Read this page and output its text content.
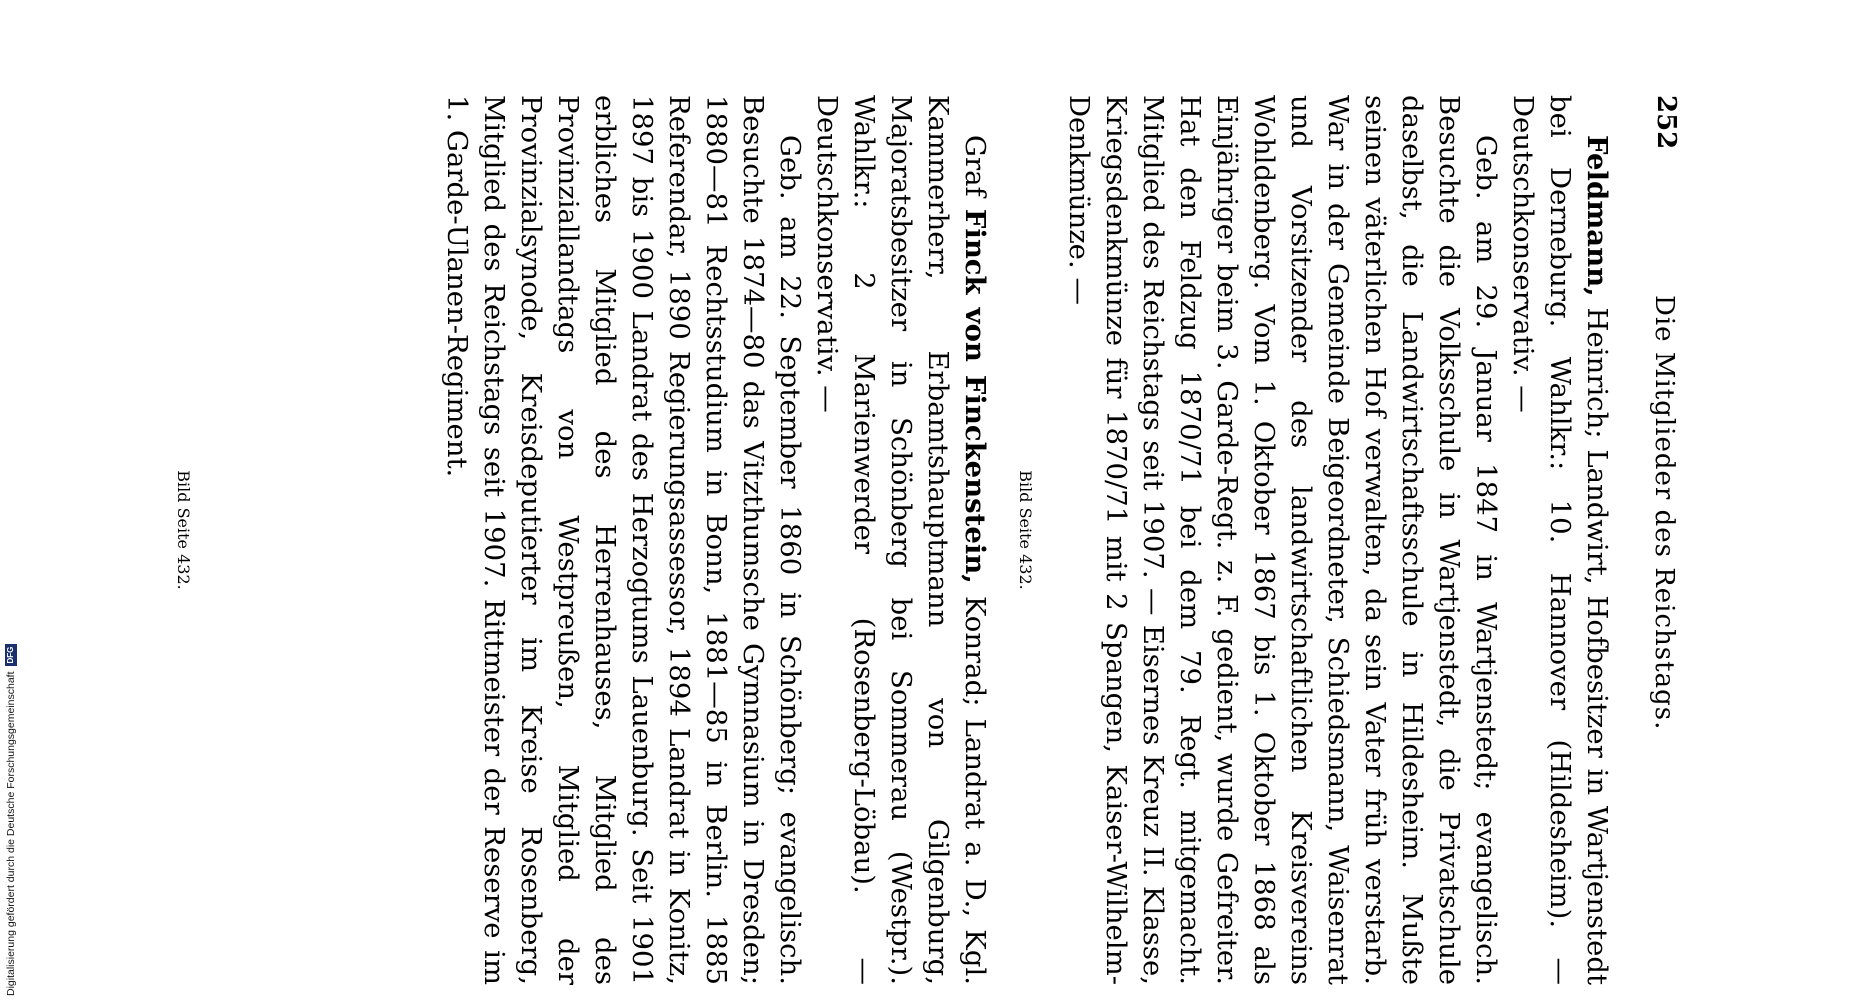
Digitalisierung gefördert durch die Deutsche Forschungsgemeinschaft
DFG
252
Die Mitglieder des Reichstags.

Feldmann, Heinrich; Landwirt, Hofbesitzer in Wartjenstedt bei Derneburg. Wahlkr.: 10. Hannover (Hildesheim). — Deutschkonservativ. —

Geb. am 29. Januar 1847 in Wartjenstedt; evangelisch. Besuchte die Volksschule in Wartjenstedt, die Privatschule daselbst, die Landwirtschaftsschule in Hildesheim. Mußte seinen väterlichen Hof verwalten, da sein Vater früh verstarb. War in der Gemeinde Beigeordneter, Schiedsmann, Waisenrat und Vorsitzender des landwirtschaftlichen Kreisvereins Wohldenberg. Vom 1. Oktober 1867 bis 1. Oktober 1868 als Einjähriger beim 3. Garde-Regt. z. F. gedient, wurde Gefreiter. Hat den Feldzug 1870/71 bei dem 79. Regt. mitgemacht. Mitglied des Reichstags seit 1907. — Eisernes Kreuz II. Klasse, Kriegsdenkmünze für 1870/71 mit 2 Spangen, Kaiser-Wilhelm-Denkmünze. —

Bild Seite 432.

Graf Finck von Finckenstein, Konrad; Landrat a. D., Kgl. Kammerherr, Erbamtshauptmann von Gilgenburg, Majoratsbesitzer in Schönberg bei Sommerau (Westpr.). Wahlkr.: 2 Marienwerder (Rosenberg-Löbau). — Deutschkonservativ. —

Geb. am 22. September 1860 in Schönberg; evangelisch. Besuchte 1874—80 das Vitzthumsche Gymnasium in Dresden; 1880—81 Rechtsstudium in Bonn, 1881—85 in Berlin. 1885 Referendar, 1890 Regierungsassessor, 1894 Landrat in Konitz, 1897 bis 1900 Landrat des Herzogtums Lauenburg. Seit 1901 erbliches Mitglied des Herrenhauses, Mitglied des Provinziallandtags von Westpreußen, Mitglied der Provinzialsynode, Kreisdeputierter im Kreise Rosenberg, Mitglied des Reichstags seit 1907. Rittmeister der Reserve im 1. Garde-Ulanen-Regiment.

Bild Seite 432.
